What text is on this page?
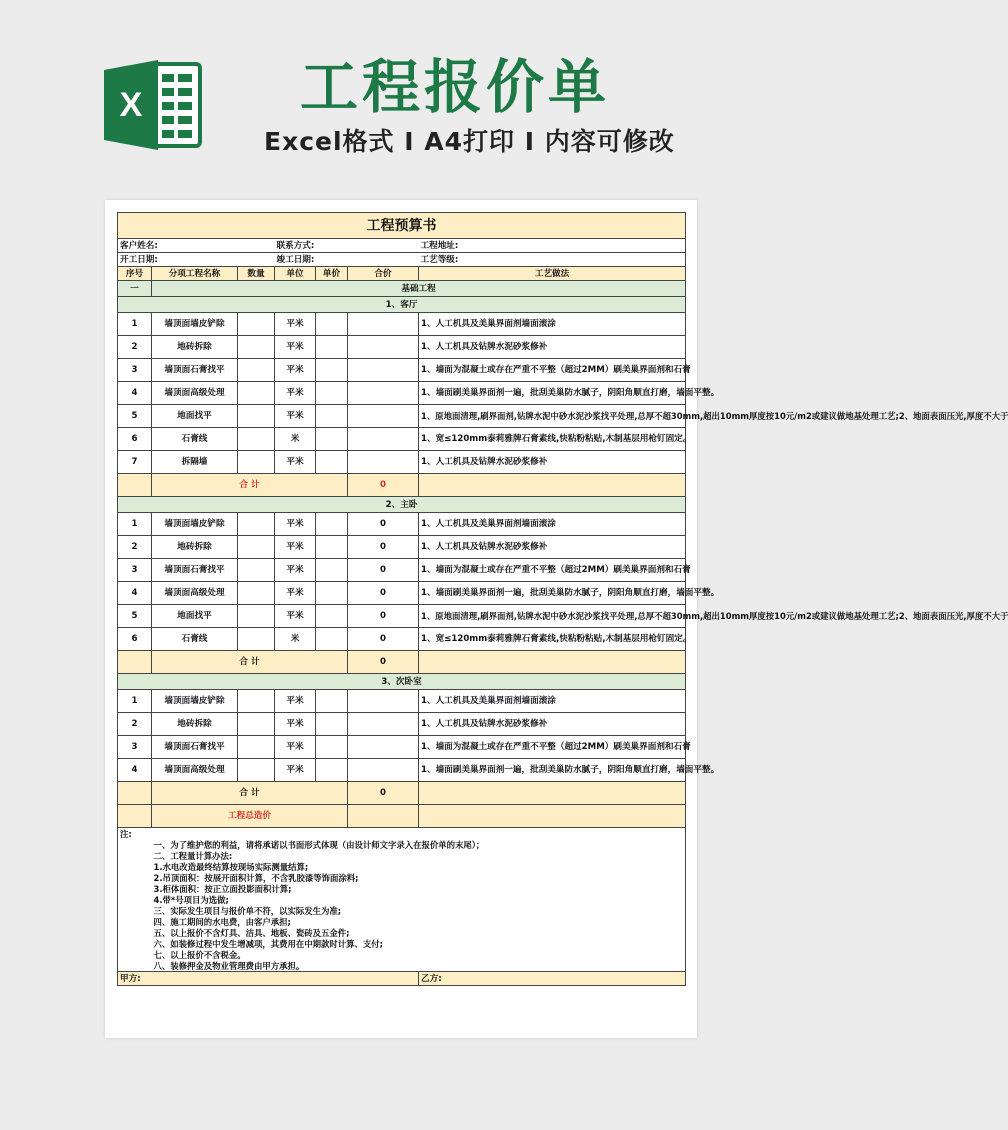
X	工程报价单
Excel格式 I A4打印 I 内容可修改
工程预算书						
客户姓名:			联系方式:			工程地址:
开工日期:			竣工日期:			工艺等级:
序号	分项工程名称	数量	单位	单价	合价	工艺做法
一	基础工程					
1、客厅						
1	墙顶面墙皮铲除		平米			1、人工机具及美巢界面剂墙面滚涂
2	地砖拆除		平米			1、人工机具及钻牌水泥砂浆修补
3	墙顶面石膏找平		平米			1、墙面为混凝土或存在严重不平整（超过2MM）刷美巢界面剂和石膏
4	墙顶面高级处理		平米			1、墙面刷美巢界面剂一遍，批刮美巢防水腻子，阴阳角顺直打磨，墙面平整。
5	地面找平		平米			1、原地面清理,刷界面剂,钻牌水泥中砂水泥沙浆找平处理,总厚不超30mm,超出10mm厚度按10元/m2或建议做地基处理工艺;2、地面表面压光,厚度不大于
6	石膏线		米			1、宽≤120mm泰莉雅牌石膏素线,快粘粉粘贴,木制基层用枪钉固定。
7	拆隔墙		平米			1、人工机具及钻牌水泥砂浆修补
	合 计				0	
2、主卧						
1	墙顶面墙皮铲除		平米		0	1、人工机具及美巢界面剂墙面滚涂
2	地砖拆除		平米		0	1、人工机具及钻牌水泥砂浆修补
3	墙顶面石膏找平		平米		0	1、墙面为混凝土或存在严重不平整（超过2MM）刷美巢界面剂和石膏
4	墙顶面高级处理		平米		0	1、墙面刷美巢界面剂一遍，批刮美巢防水腻子，阴阳角顺直打磨，墙面平整。
5	地面找平		平米		0	1、原地面清理,刷界面剂,钻牌水泥中砂水泥沙浆找平处理,总厚不超30mm,超出10mm厚度按10元/m2或建议做地基处理工艺;2、地面表面压光,厚度不大于
6	石膏线		米		0	1、宽≤120mm泰莉雅牌石膏素线,快粘粉粘贴,木制基层用枪钉固定。
	合 计				0	
3、次卧室						
1	墙顶面墙皮铲除		平米			1、人工机具及美巢界面剂墙面滚涂
2	地砖拆除		平米			1、人工机具及钻牌水泥砂浆修补
3	墙顶面石膏找平		平米			1、墙面为混凝土或存在严重不平整（超过2MM）刷美巢界面剂和石膏
4	墙顶面高级处理		平米			1、墙面刷美巢界面剂一遍，批刮美巢防水腻子，阴阳角顺直打磨，墙面平整。
	合 计				0	
	工程总造价					
注:						
	一、为了维护您的利益，请将承诺以书面形式体现（由设计师文字录入在报价单的末尾）；					
	二、工程量计算办法:					
	1.水电改造最终结算按现场实际测量结算;					
	2.吊顶面积：按展开面积计算，不含乳胶漆等饰面涂料;					
	3.柜体面积：按正立面投影面积计算;					
	4.带*号项目为选做;					
	三、实际发生项目与报价单不符，以实际发生为准;					
	四、施工期间的水电费，由客户承担;					
	五、以上报价不含灯具、洁具、地板、瓷砖及五金件;					
	六、如装修过程中发生增减项，其费用在中期款时计算、支付;					
	七、以上报价不含税金。					
	八、装修押金及物业管理费由甲方承担。					
甲方:						乙方:
